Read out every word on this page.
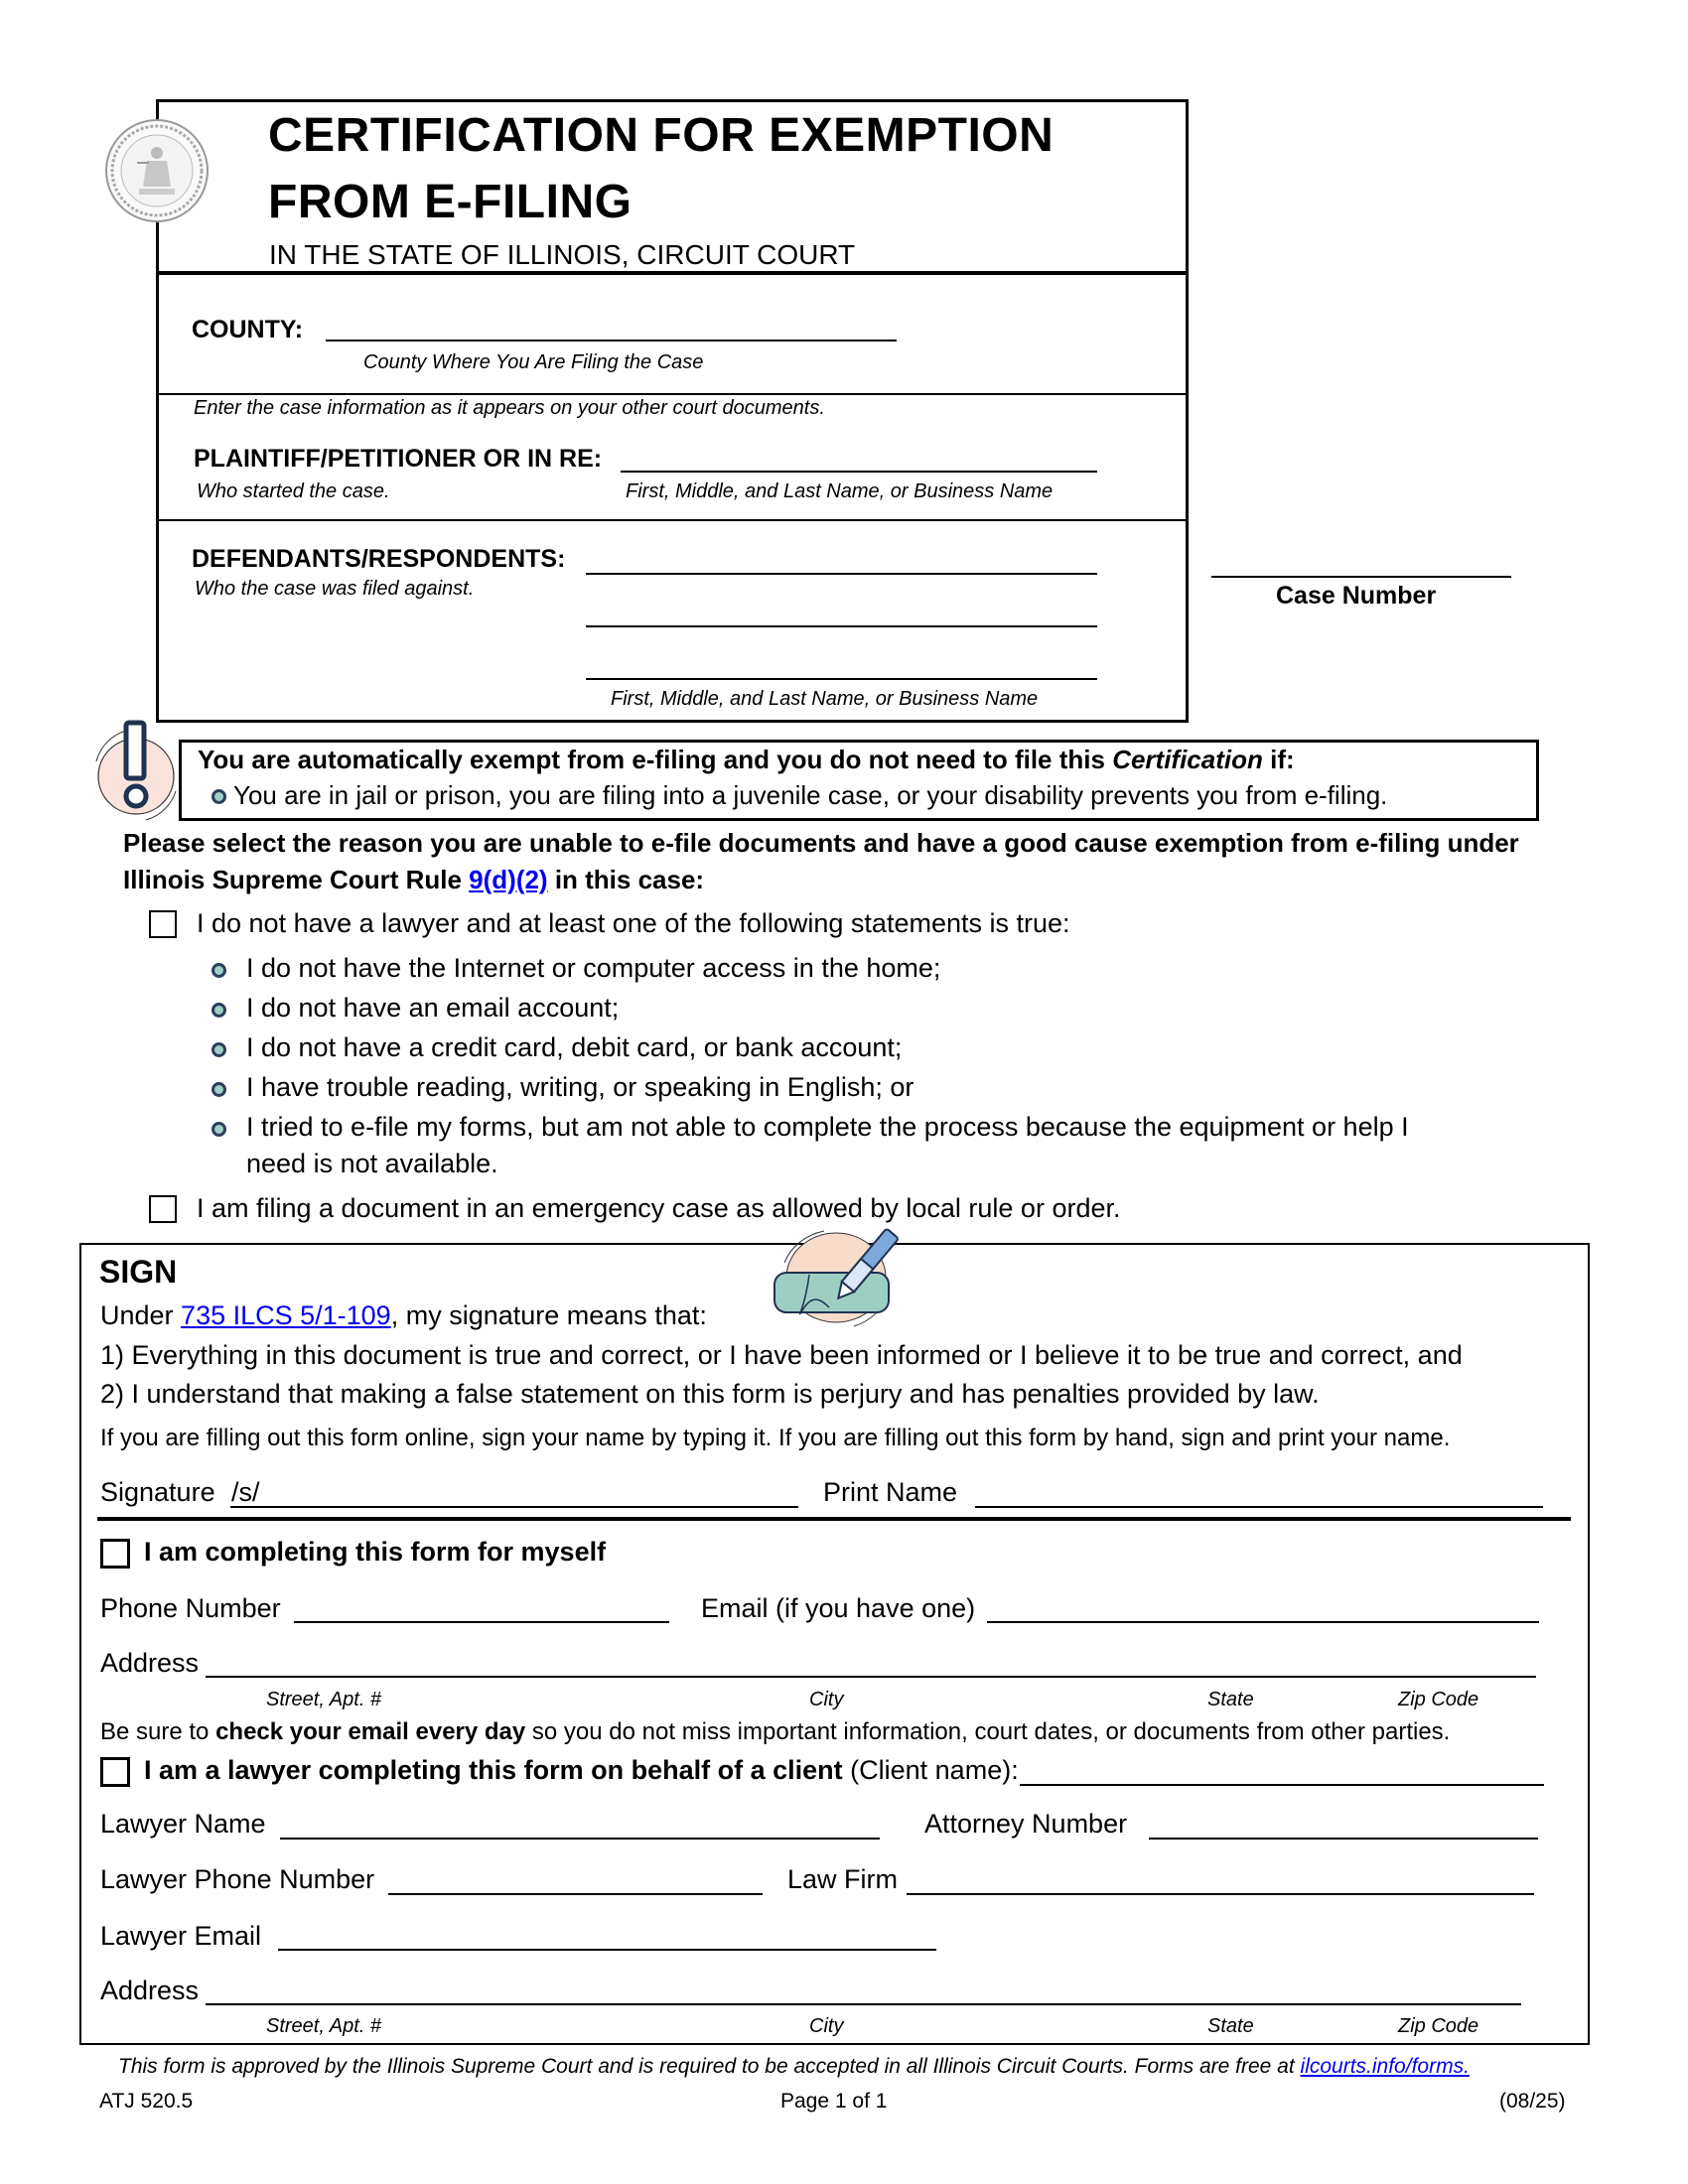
CERTIFICATION FOR EXEMPTION
FROM E-FILING
IN THE STATE OF ILLINOIS, CIRCUIT COURT
COUNTY:
County Where You Are Filing the Case
Enter the case information as it appears on your other court documents.
PLAINTIFF/PETITIONER OR IN RE:
Who started the case.	First, Middle, and Last Name, or Business Name
DEFENDANTS/RESPONDENTS:
Who the case was filed against.
First, Middle, and Last Name, or Business Name
Case Number
You are automatically exempt from e-filing and you do not need to file this Certification if:
You are in jail or prison, you are filing into a juvenile case, or your disability prevents you from e-filing.
Please select the reason you are unable to e-file documents and have a good cause exemption from e-filing under
Illinois Supreme Court Rule 9(d)(2) in this case:
I do not have a lawyer and at least one of the following statements is true:
I do not have the Internet or computer access in the home;
I do not have an email account;
I do not have a credit card, debit card, or bank account;
I have trouble reading, writing, or speaking in English; or
I tried to e-file my forms, but am not able to complete the process because the equipment or help I
need is not available.
I am filing a document in an emergency case as allowed by local rule or order.
SIGN
Under 735 ILCS 5/1-109, my signature means that:
1) Everything in this document is true and correct, or I have been informed or I believe it to be true and correct, and
2) I understand that making a false statement on this form is perjury and has penalties provided by law.
If you are filling out this form online, sign your name by typing it. If you are filling out this form by hand, sign and print your name.
Signature /s/	Print Name
I am completing this form for myself
Phone Number	Email (if you have one)
Address
Street, Apt. #	City	State	Zip Code
Be sure to check your email every day so you do not miss important information, court dates, or documents from other parties.
I am a lawyer completing this form on behalf of a client (Client name):
Lawyer Name	Attorney Number
Lawyer Phone Number	Law Firm
Lawyer Email
Address
Street, Apt. #	City	State	Zip Code
This form is approved by the Illinois Supreme Court and is required to be accepted in all Illinois Circuit Courts. Forms are free at ilcourts.info/forms.
ATJ 520.5	Page 1 of 1	(08/25)
